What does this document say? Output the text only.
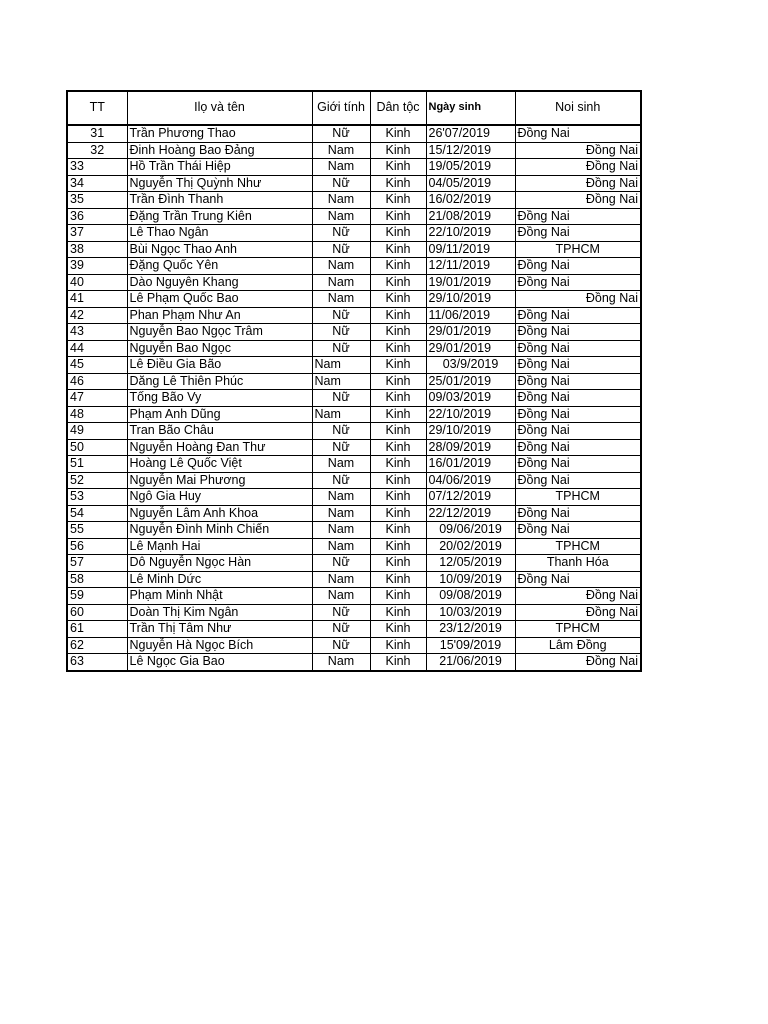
TT	Ilọ và tên	Giới tính	Dân tộc	Ngày sinh	Noi sinh
31	Trần Phương Thao	Nữ	Kinh	26'07/2019	Đồng Nai
32	Đinh Hoàng Bao Đảng	Nam	Kinh	15/12/2019	Đồng Nai
33	Hồ Trần Thái Hiệp	Nam	Kinh	19/05/2019	Đồng Nai
34	Nguyễn Thị Quỳnh Như	Nữ	Kinh	04/05/2019	Đồng Nai
35	Trần Đình Thanh	Nam	Kinh	16/02/2019	Đồng Nai
36	Đặng Trần Trung Kiên	Nam	Kinh	21/08/2019	Đồng Nai
37	Lê Thao Ngân	Nữ	Kinh	22/10/2019	Đồng Nai
38	Bùi Ngọc Thao Anh	Nữ	Kinh	09/11/2019	TPHCM
39	Đặng Quốc Yên	Nam	Kinh	12/11/2019	Đồng Nai
40	Dào Nguyên Khang	Nam	Kinh	19/01/2019	Đồng Nai
41	Lê Phạm Quốc Bao	Nam	Kinh	29/10/2019	Đồng Nai
42	Phan Phạm Như An	Nữ	Kinh	11/06/2019	Đồng Nai
43	Nguyễn Bao Ngọc Trâm	Nữ	Kinh	29/01/2019	Đồng Nai
44	Nguyễn Bao Ngọc	Nữ	Kinh	29/01/2019	Đồng Nai
45	Lê Điều Gia Bão	Nam	Kinh	03/9/2019	Đồng Nai
46	Dăng Lê Thiên Phúc	Nam	Kinh	25/01/2019	Đồng Nai
47	Tống Bão Vy	Nữ	Kinh	09/03/2019	Đồng Nai
48	Phạm Anh Dũng	Nam	Kinh	22/10/2019	Đồng Nai
49	Tran Bão Châu	Nữ	Kinh	29/10/2019	Đồng Nai
50	Nguyễn Hoàng Đan Thư	Nữ	Kinh	28/09/2019	Đồng Nai
51	Hoàng Lê Quốc Việt	Nam	Kinh	16/01/2019	Đồng Nai
52	Nguyễn Mai Phương	Nữ	Kinh	04/06/2019	Đồng Nai
53	Ngô Gia Huy	Nam	Kinh	07/12/2019	TPHCM
54	Nguyễn Lâm Anh Khoa	Nam	Kinh	22/12/2019	Đồng Nai
55	Nguyễn Đình Minh Chiến	Nam	Kinh	09/06/2019	Đồng Nai
56	Lê Mạnh Hai	Nam	Kinh	20/02/2019	TPHCM
57	Dô Nguyễn Ngọc Hàn	Nữ	Kinh	12/05/2019	Thanh Hóa
58	Lê Minh Dức	Nam	Kinh	10/09/2019	Đồng Nai
59	Phạm Minh Nhật	Nam	Kinh	09/08/2019	Đồng Nai
60	Doàn Thị Kim Ngân	Nữ	Kinh	10/03/2019	Đồng Nai
61	Trần Thị Tâm Như	Nữ	Kinh	23/12/2019	TPHCM
62	Nguyễn Hà Ngọc Bích	Nữ	Kinh	15'09/2019	Lâm Đồng
63	Lê Ngọc Gia Bao	Nam	Kinh	21/06/2019	Đồng Nai
